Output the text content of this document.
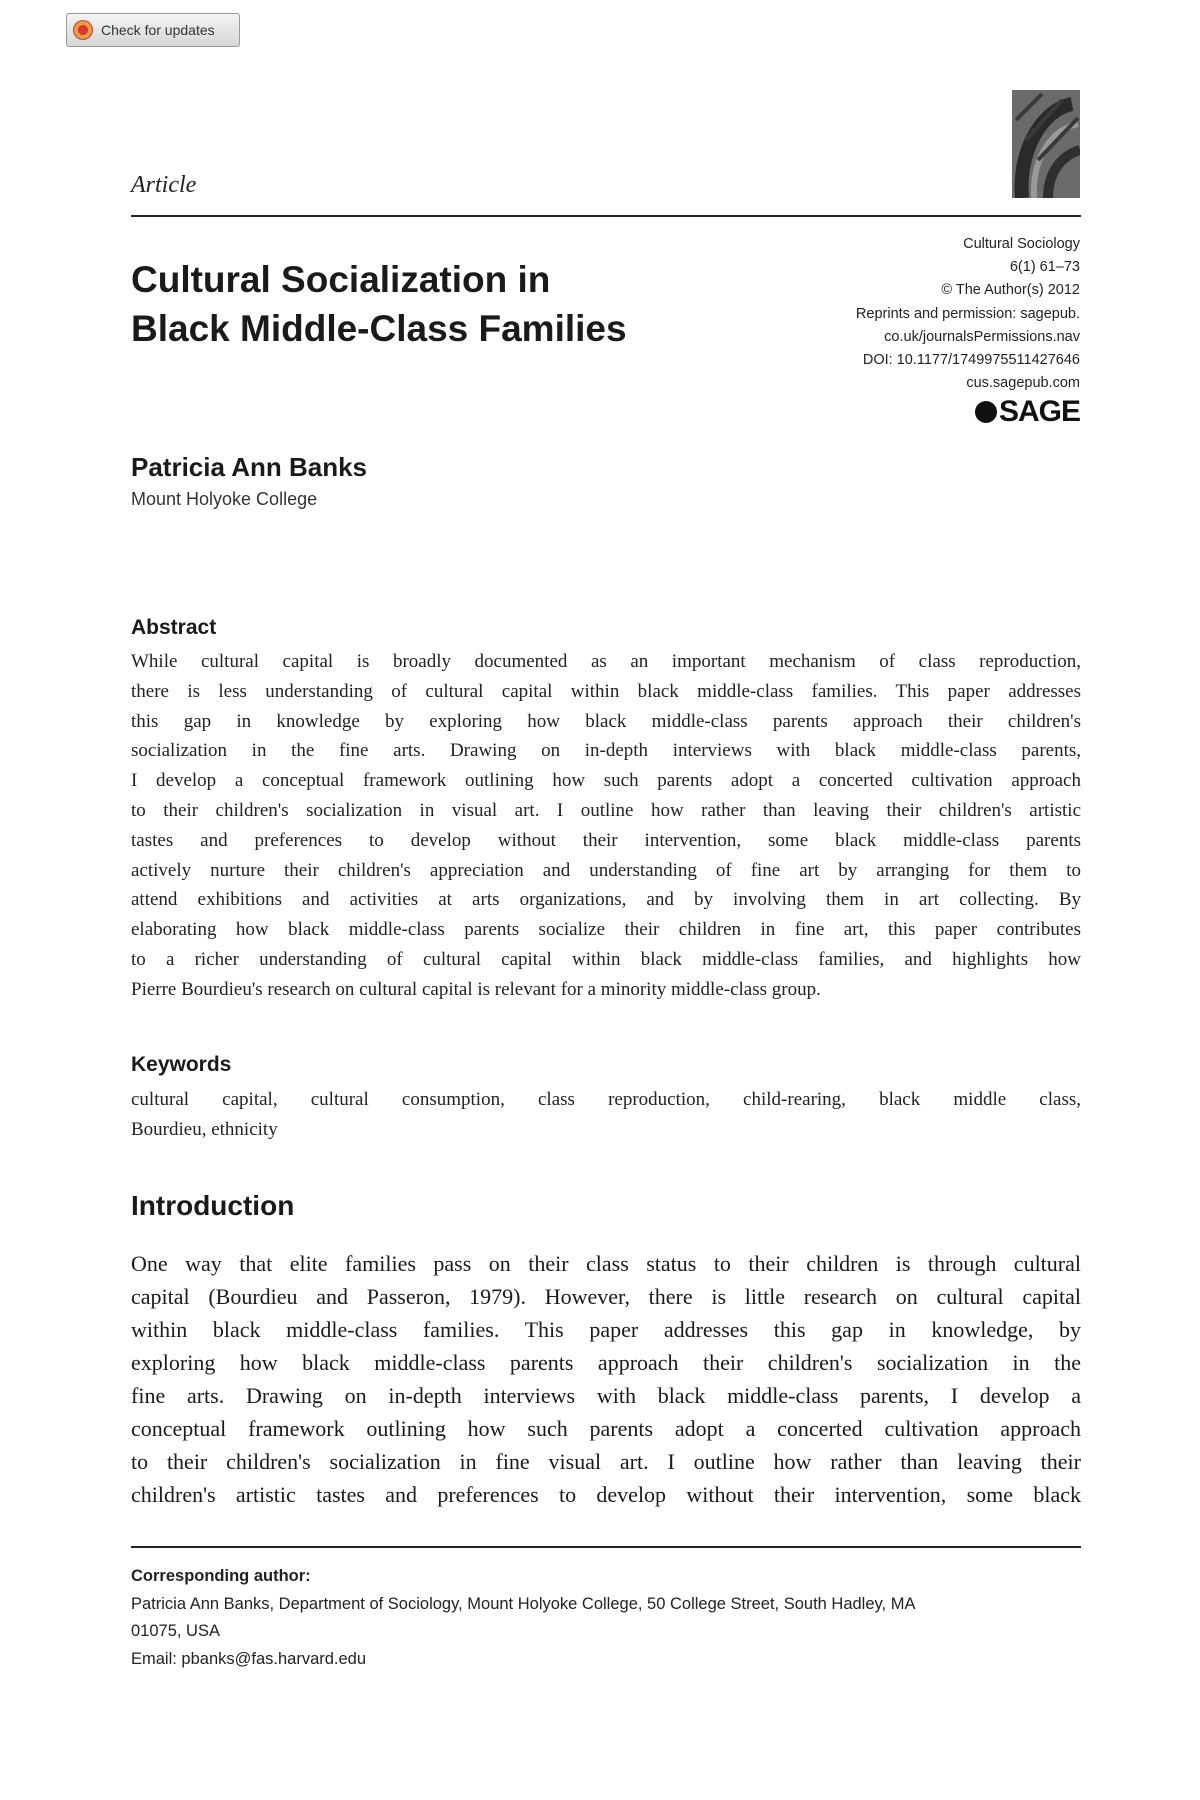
Check for updates
Article
Cultural Socialization in
Black Middle-Class Families
Cultural Sociology
6(1) 61–73
© The Author(s) 2012
Reprints and permission: sagepub.
co.uk/journalsPermissions.nav
DOI: 10.1177/1749975511427646
cus.sagepub.com
SAGE
Patricia Ann Banks
Mount Holyoke College
Abstract
While cultural capital is broadly documented as an important mechanism of class reproduction,
there is less understanding of cultural capital within black middle-class families. This paper addresses
this gap in knowledge by exploring how black middle-class parents approach their children's
socialization in the fine arts. Drawing on in-depth interviews with black middle-class parents,
I develop a conceptual framework outlining how such parents adopt a concerted cultivation approach
to their children's socialization in visual art. I outline how rather than leaving their children's artistic
tastes and preferences to develop without their intervention, some black middle-class parents
actively nurture their children's appreciation and understanding of fine art by arranging for them to
attend exhibitions and activities at arts organizations, and by involving them in art collecting. By
elaborating how black middle-class parents socialize their children in fine art, this paper contributes
to a richer understanding of cultural capital within black middle-class families, and highlights how
Pierre Bourdieu's research on cultural capital is relevant for a minority middle-class group.
Keywords
cultural capital, cultural consumption, class reproduction, child-rearing, black middle class,
Bourdieu, ethnicity
Introduction
One way that elite families pass on their class status to their children is through cultural
capital (Bourdieu and Passeron, 1979). However, there is little research on cultural capital
within black middle-class families. This paper addresses this gap in knowledge, by
exploring how black middle-class parents approach their children's socialization in the
fine arts. Drawing on in-depth interviews with black middle-class parents, I develop a
conceptual framework outlining how such parents adopt a concerted cultivation approach
to their children's socialization in fine visual art. I outline how rather than leaving their
children's artistic tastes and preferences to develop without their intervention, some black
Corresponding author:
Patricia Ann Banks, Department of Sociology, Mount Holyoke College, 50 College Street, South Hadley, MA
01075, USA
Email: pbanks@fas.harvard.edu
